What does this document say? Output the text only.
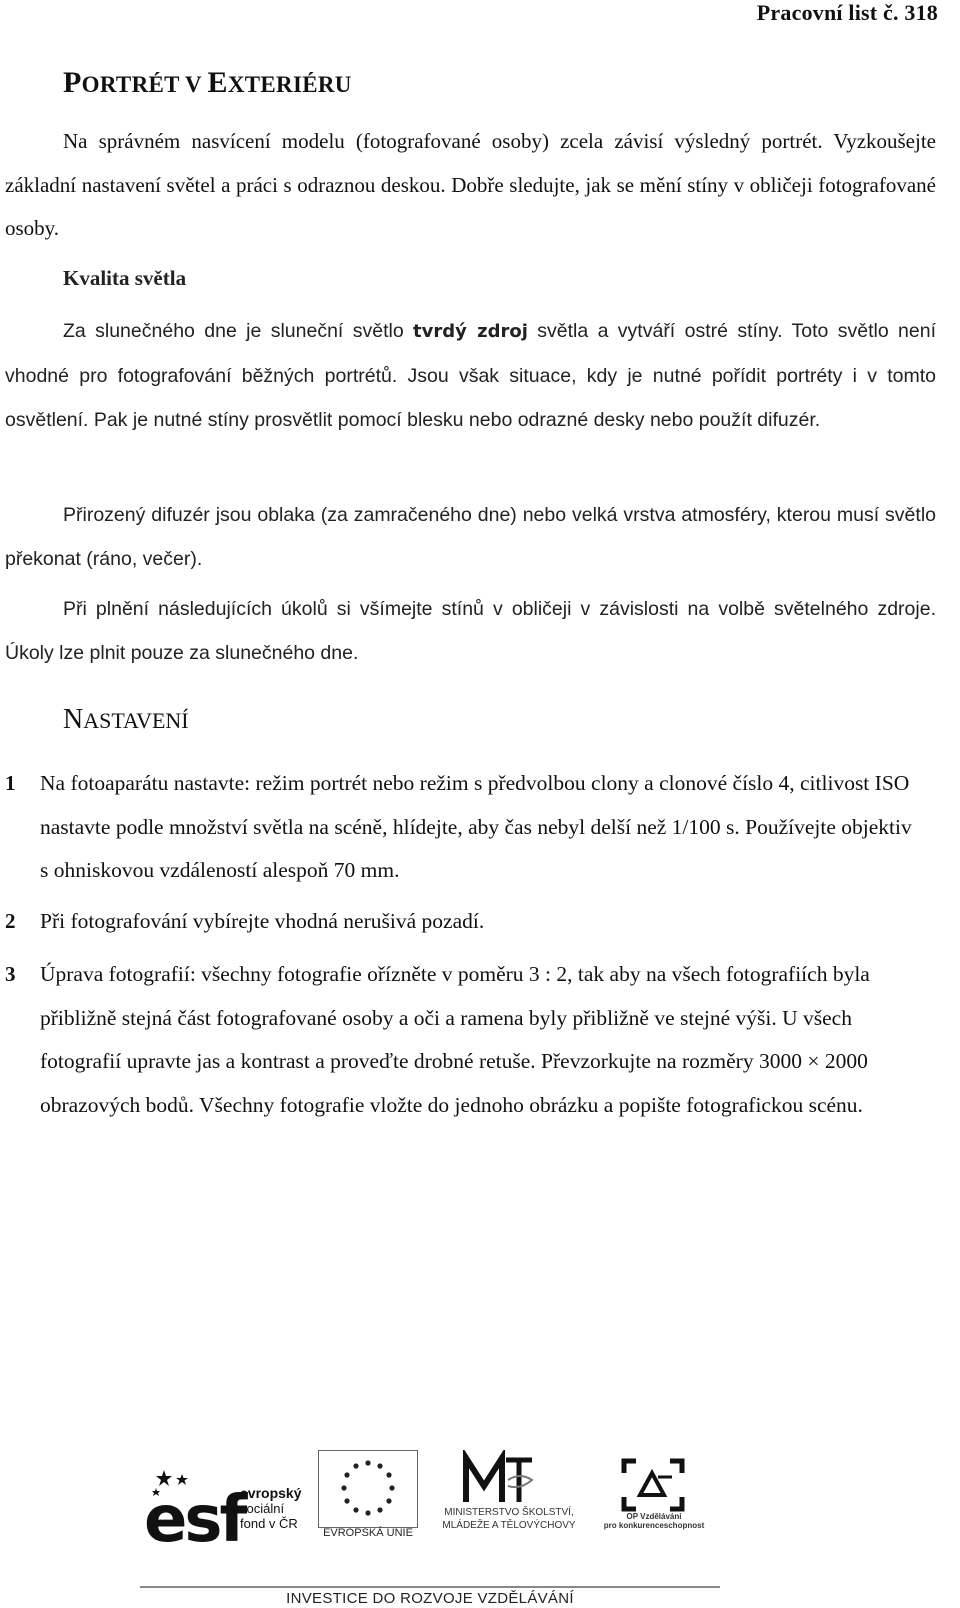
Pracovní list č. 318
PORTRÉT V EXTERIÉRU
Na správném nasvícení modelu (fotografované osoby) zcela závisí výsledný portrét. Vyzkoušejte základní nastavení světel a práci s odraznou deskou. Dobře sledujte, jak se mění stíny v obličeji fotografované osoby.
Kvalita světla
Za slunečného dne je sluneční světlo tvrdý zdroj světla a vytváří ostré stíny. Toto světlo není vhodné pro fotografování běžných portrétů. Jsou však situace, kdy je nutné pořídit portréty i v tomto osvětlení. Pak je nutné stíny prosvětlit pomocí blesku nebo odrazné desky nebo použít difuzér.
Přirozený difuzér jsou oblaka (za zamračeného dne) nebo velká vrstva atmosféry, kterou musí světlo překonat (ráno, večer).
Při plnění následujících úkolů si všímejte stínů v obličeji v závislosti na volbě světelného zdroje. Úkoly lze plnit pouze za slunečného dne.
NASTAVENÍ
1 Na fotoaparátu nastavte: režim portrét nebo režim s předvolbou clony a clonové číslo 4, citlivost ISO nastavte podle množství světla na scéně, hlídejte, aby čas nebyl delší než 1/100 s. Používejte objektiv s ohniskovou vzdáleností alespoň 70 mm.
2 Při fotografování vybírejte vhodná nerušivá pozadí.
3 Úprava fotografií: všechny fotografie ořízněte v poměru 3 : 2, tak aby na všech fotografiích byla přibližně stejná část fotografované osoby a oči a ramena byly přibližně ve stejné výši. U všech fotografií upravte jas a kontrast a proveďte drobné retuše. Převzorkujte na rozměry 3000 × 2000 obrazových bodů. Všechny fotografie vložte do jednoho obrázku a popište fotografickou scénu.
esf
evropský
sociální
fond v ČR
EVROPSKÁ UNIE
MINISTERSTVO ŠKOLSTVÍ,
MLÁDEŽE A TĚLOVÝCHOVY
OP Vzdělávání
pro konkurenceschopnost
INVESTICE DO ROZVOJE VZDĚLÁVÁNÍ
